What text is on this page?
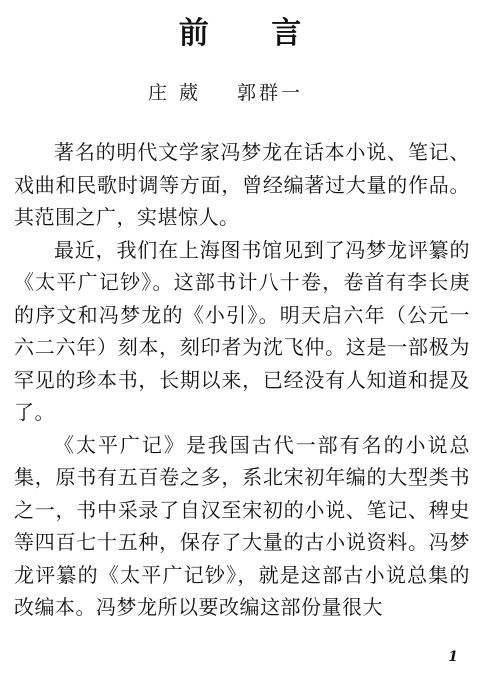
前 言
庄 葳 郭群一

著名的明代文学家冯梦龙在话本小说、笔记、戏曲和民歌时调等方面，曾经编著过大量的作品。其范围之广，实堪惊人。

最近，我们在上海图书馆见到了冯梦龙评纂的《太平广记钞》。这部书计八十卷，卷首有李长庚的序文和冯梦龙的《小引》。明天启六年（公元一六二六年）刻本，刻印者为沈飞仲。这是一部极为罕见的珍本书，长期以来，已经没有人知道和提及了。

《太平广记》是我国古代一部有名的小说总集，原书有五百卷之多，系北宋初年编的大型类书之一，书中采录了自汉至宋初的小说、笔记、稗史等四百七十五种，保存了大量的古小说资料。冯梦龙评纂的《太平广记钞》，就是这部古小说总集的改编本。冯梦龙所以要改编这部份量很大

1
